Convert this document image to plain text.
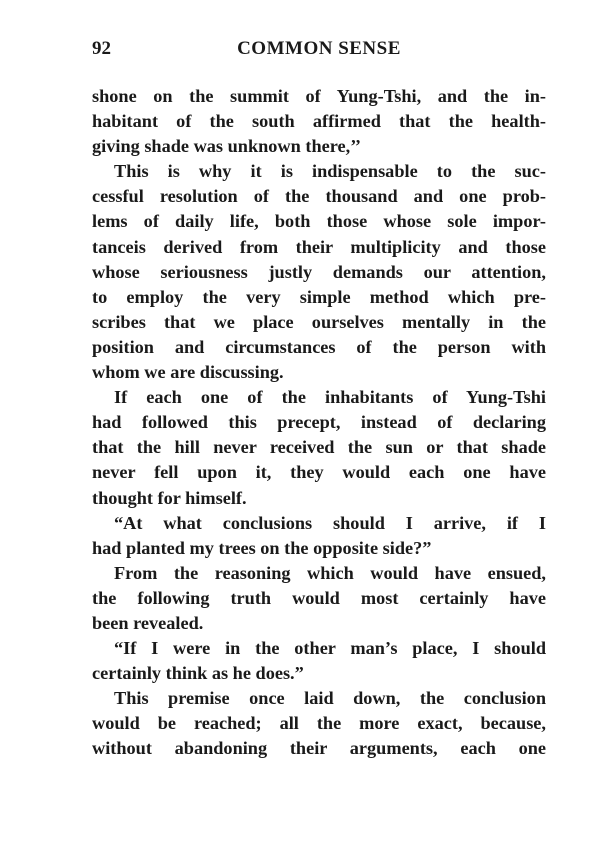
92	COMMON SENSE
shone on the summit of Yung-Tshi, and the in-
habitant of the south affirmed that the health-
giving shade was unknown there,’’
This is why it is indispensable to the suc-
cessful resolution of the thousand and one prob-
lems of daily life, both those whose sole impor-
tanceis derived from their multiplicity and those
whose seriousness justly demands our attention,
to employ the very simple method which pre-
scribes that we place ourselves mentally in the
position and circumstances of the person with
whom we are discussing.
If each one of the inhabitants of Yung-Tshi
had followed this precept, instead of declaring
that the hill never received the sun or that shade
never fell upon it, they would each one have
thought for himself.
“At what conclusions should I arrive, if I
had planted my trees on the opposite side?”
From the reasoning which would have ensued,
the following truth would most certainly have
been revealed.
“If I were in the other man’s place, I should
certainly think as he does.”
This premise once laid down, the conclusion
would be reached; all the more exact, because,
without abandoning their arguments, each one
